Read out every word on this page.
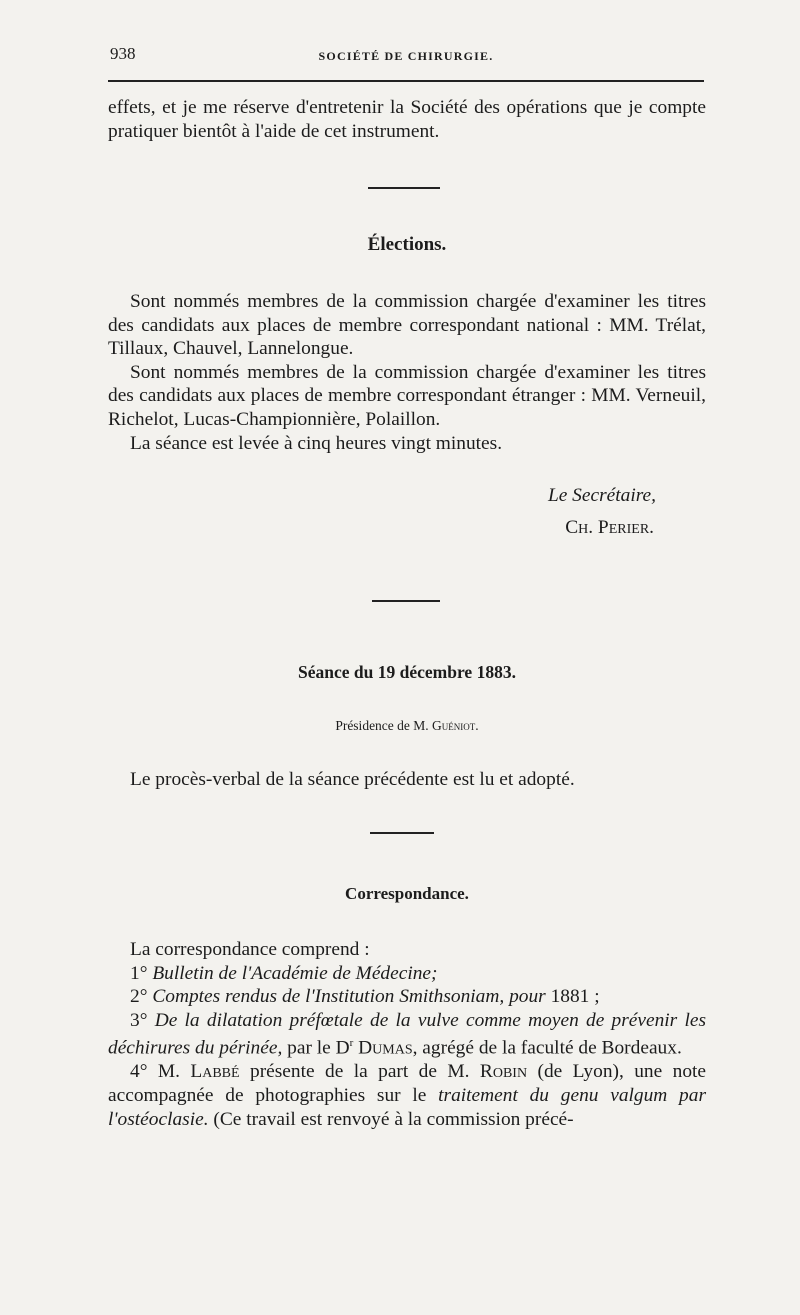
938	SOCIÉTÉ DE CHIRURGIE.

effets, et je me réserve d'entretenir la Société des opérations que je compte pratiquer bientôt à l'aide de cet instrument.

Élections.

Sont nommés membres de la commission chargée d'examiner les titres des candidats aux places de membre correspondant national : MM. Trélat, Tillaux, Chauvel, Lannelongue.

Sont nommés membres de la commission chargée d'examiner les titres des candidats aux places de membre correspondant étranger : MM. Verneuil, Richelot, Lucas-Championnière, Polaillon.

La séance est levée à cinq heures vingt minutes.

Le Secrétaire,

Ch. Perier.

Séance du 19 décembre 1883.
Présidence de M. Guéniot.

Le procès-verbal de la séance précédente est lu et adopté.

Correspondance.

La correspondance comprend :

1° Bulletin de l'Académie de Médecine;

2° Comptes rendus de l'Institution Smithsoniam, pour 1881 ;

3° De la dilatation préfœtale de la vulve comme moyen de prévenir les déchirures du périnée, par le $D^r$ Dumas, agrégé de la faculté de Bordeaux.

4° M. Labbé présente de la part de M. Robin (de Lyon), une note accompagnée de photographies sur le traitement du genu valgum par l'ostéoclasie. (Ce travail est renvoyé à la commission précé-
